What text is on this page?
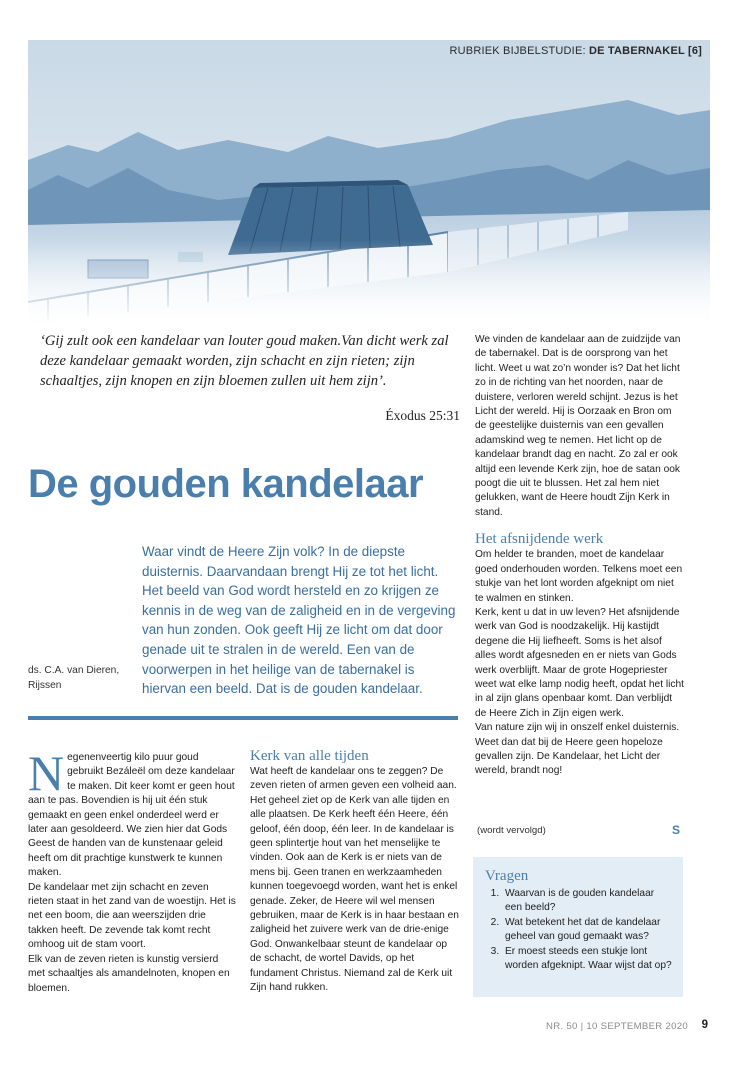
RUBRIEK BIJBELSTUDIE: DE TABERNAKEL [6]
‘Gij zult ook een kandelaar van louter goud maken.Van dicht werk zal deze kandelaar gemaakt worden, zijn schacht en zijn rieten; zijn schaaltjes, zijn knopen en zijn bloemen zullen uit hem zijn’.
Éxodus 25:31
De gouden kandelaar
Waar vindt de Heere Zijn volk? In de diepste duisternis. Daarvandaan brengt Hij ze tot het licht. Het beeld van God wordt hersteld en zo krijgen ze kennis in de weg van de zaligheid en in de vergeving van hun zonden. Ook geeft Hij ze licht om dat door genade uit te stralen in de wereld. Een van de voorwerpen in het heilige van de tabernakel is hiervan een beeld. Dat is de gouden kandelaar.
ds. C.A. van Dieren,
Rijssen

Negenenveertig kilo puur goud gebruikt Bezáleël om deze kandelaar te maken. Dit keer komt er geen hout aan te pas. Bovendien is hij uit één stuk gemaakt en geen enkel onderdeel werd er later aan gesoldeerd. We zien hier dat Gods Geest de handen van de kunstenaar geleid heeft om dit prachtige kunstwerk te kunnen maken.

De kandelaar met zijn schacht en zeven rieten staat in het zand van de woestijn. Het is net een boom, die aan weerszijden drie takken heeft. De zevende tak komt recht omhoog uit de stam voort.

Elk van de zeven rieten is kunstig versierd met schaaltjes als amandelnoten, knopen en bloemen.

Kerk van alle tijden

Wat heeft de kandelaar ons te zeggen? De zeven rieten of armen geven een volheid aan. Het geheel ziet op de Kerk van alle tijden en alle plaatsen. De Kerk heeft één Heere, één geloof, één doop, één leer. In de kandelaar is geen splintertje hout van het menselijke te vinden. Ook aan de Kerk is er niets van de mens bij. Geen tranen en werkzaamheden kunnen toegevoegd worden, want het is enkel genade. Zeker, de Heere wil wel mensen gebruiken, maar de Kerk is in haar bestaan en zaligheid het zuivere werk van de drie-enige God. Onwankelbaar steunt de kandelaar op de schacht, de wortel Davids, op het fundament Christus. Niemand zal de Kerk uit Zijn hand rukken.

We vinden de kandelaar aan de zuidzijde van de tabernakel. Dat is de oorsprong van het licht. Weet u wat zo’n wonder is? Dat het licht zo in de richting van het noorden, naar de duistere, verloren wereld schijnt. Jezus is het Licht der wereld. Hij is Oorzaak en Bron om de geestelijke duisternis van een gevallen adamskind weg te nemen. Het licht op de kandelaar brandt dag en nacht. Zo zal er ook altijd een levende Kerk zijn, hoe de satan ook poogt die uit te blussen. Het zal hem niet gelukken, want de Heere houdt Zijn Kerk in stand.

Het afsnijdende werk

Om helder te branden, moet de kandelaar goed onderhouden worden. Telkens moet een stukje van het lont worden afgeknipt om niet te walmen en stinken.

Kerk, kent u dat in uw leven? Het afsnijdende werk van God is noodzakelijk. Hij kastijdt degene die Hij liefheeft. Soms is het alsof alles wordt afgesneden en er niets van Gods werk overblijft. Maar de grote Hogepriester weet wat elke lamp nodig heeft, opdat het licht in al zijn glans openbaar komt. Dan verblijdt de Heere Zich in Zijn eigen werk.

Van nature zijn wij in onszelf enkel duisternis. Weet dan dat bij de Heere geen hopeloze gevallen zijn. De Kandelaar, het Licht der wereld, brandt nog!

(wordt vervolgd)	S
Vragen
1. Waarvan is de gouden kandelaar een beeld?
2. Wat betekent het dat de kandelaar geheel van goud gemaakt was?
3. Er moest steeds een stukje lont worden afgeknipt. Waar wijst dat op?
NR. 50 | 10 SEPTEMBER 2020 9
